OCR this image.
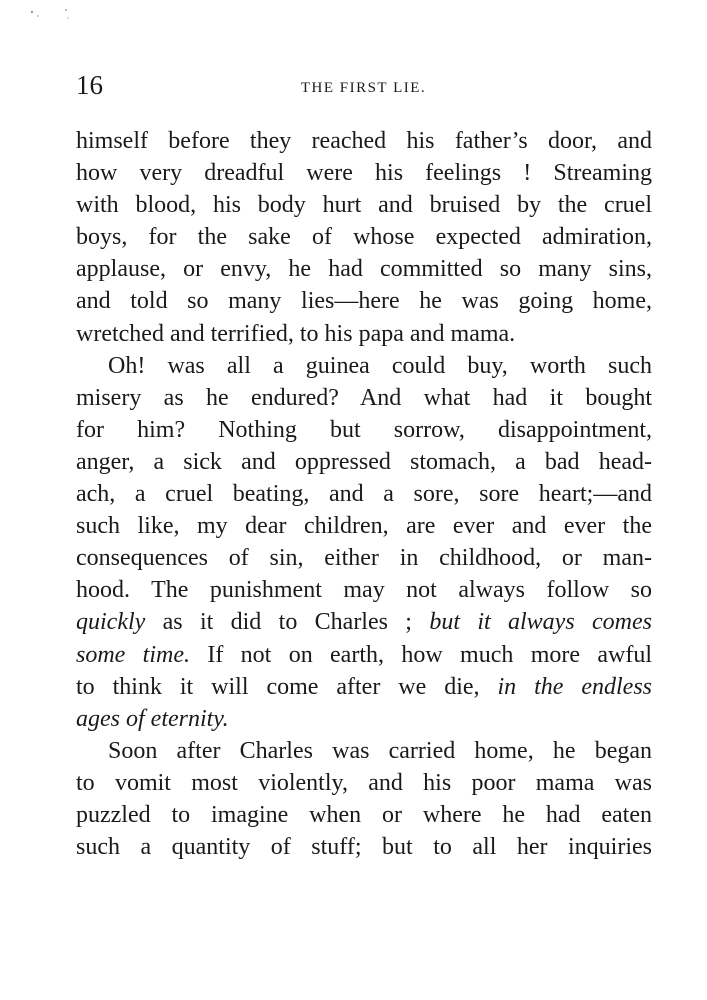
16	THE FIRST LIE.
himself before they reached his father’s door, and
how very dreadful were his feelings ! Streaming
with blood, his body hurt and bruised by the cruel
boys, for the sake of whose expected admiration,
applause, or envy, he had committed so many sins,
and told so many lies—here he was going home,
wretched and terrified, to his papa and mama.
Oh! was all a guinea could buy, worth such
misery as he endured? And what had it bought
for him? Nothing but sorrow, disappointment,
anger, a sick and oppressed stomach, a bad head-
ach, a cruel beating, and a sore, sore heart;—and
such like, my dear children, are ever and ever the
consequences of sin, either in childhood, or man-
hood. The punishment may not always follow so
quickly as it did to Charles ; but it always comes
some time. If not on earth, how much more awful
to think it will come after we die, in the endless
ages of eternity.
Soon after Charles was carried home, he began
to vomit most violently, and his poor mama was
puzzled to imagine when or where he had eaten
such a quantity of stuff; but to all her inquiries
